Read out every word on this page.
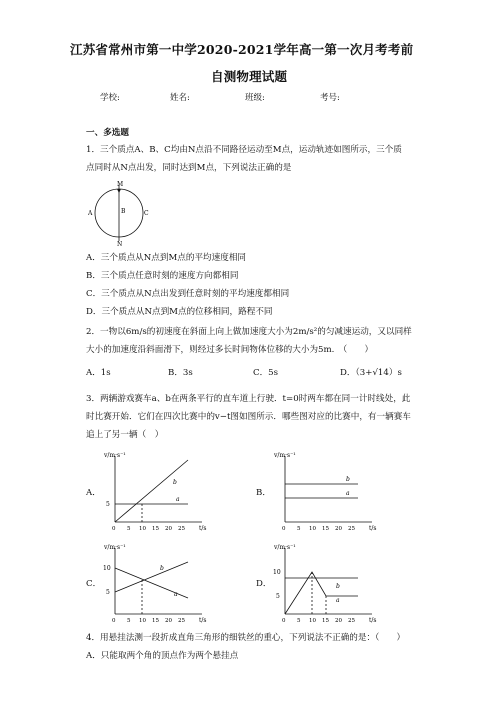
江苏省常州市第一中学2020-2021学年高一第一次月考考前
自测物理试题
学校:	姓名:	班级:	考号:
一、多选题
1．三个质点A、B、C均由N点沿不同路径运动至M点，运动轨迹如图所示，三个质
点同时从N点出发，同时达到M点，下列说法正确的是
M
N
A	B	C
A．三个质点从N点到M点的平均速度相同
B．三个质点任意时刻的速度方向都相同
C．三个质点从N点出发到任意时刻的平均速度都相同
D．三个质点从N点到M点的位移相同，路程不同
2．一物以6m/s的初速度在斜面上向上做加速度大小为2m/s²的匀减速运动，又以同样
大小的加速度沿斜面滑下，则经过多长时间物体位移的大小为5m.　（　　）
A．1s	B．3s	C．5s	D．（3+√14）s
3．两辆游戏赛车a、b在两条平行的直车道上行驶．t=0时两车都在同一计时线处，此
时比赛开始．它们在四次比赛中的v−t图如图所示．哪些图对应的比赛中，有一辆赛车
追上了另一辆（　）
A．
v/m·s⁻¹
t/s
5
0 5 10 15 20 25
b
a
B．
v/m·s⁻¹
t/s
0 5 10 15 20 25
b
a
C．
v/m·s⁻¹
t/s
10
5
0 5 10 15 20 25
b
a
D．
v/m·s⁻¹
t/s
10
5
0 5 10 15 20 25
b
a
4．用悬挂法测一段折成直角三角形的细铁丝的重心，下列说法不正确的是：（　　）
A．只能取两个角的顶点作为两个悬挂点
